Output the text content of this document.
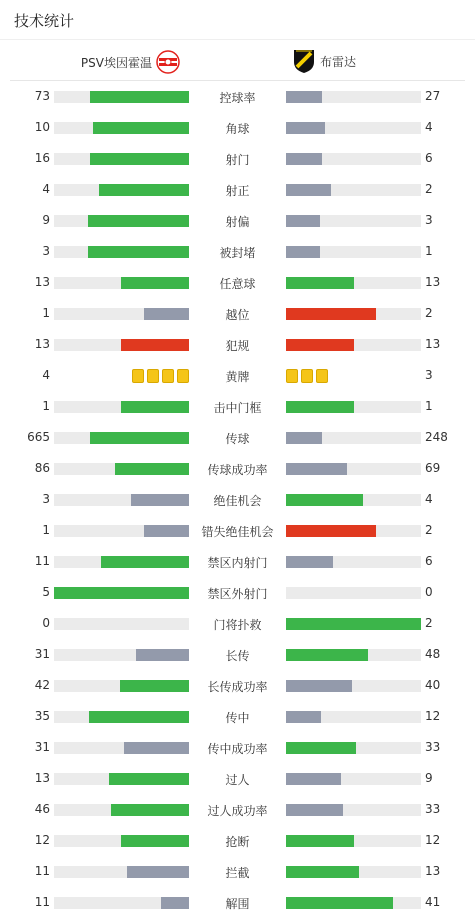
技术统计
PSV埃因霍温	布雷达
73	控球率	27
10	角球	4
16	射门	6
4	射正	2
9	射偏	3
3	被封堵	1
13	任意球	13
1	越位	2
13	犯规	13
4	黄牌	3
1	击中门框	1
665	传球	248
86	传球成功率	69
3	绝佳机会	4
1	错失绝佳机会	2
11	禁区内射门	6
5	禁区外射门	0
0	门将扑救	2
31	长传	48
42	长传成功率	40
35	传中	12
31	传中成功率	33
13	过人	9
46	过人成功率	33
12	抢断	12
11	拦截	13
11	解围	41
